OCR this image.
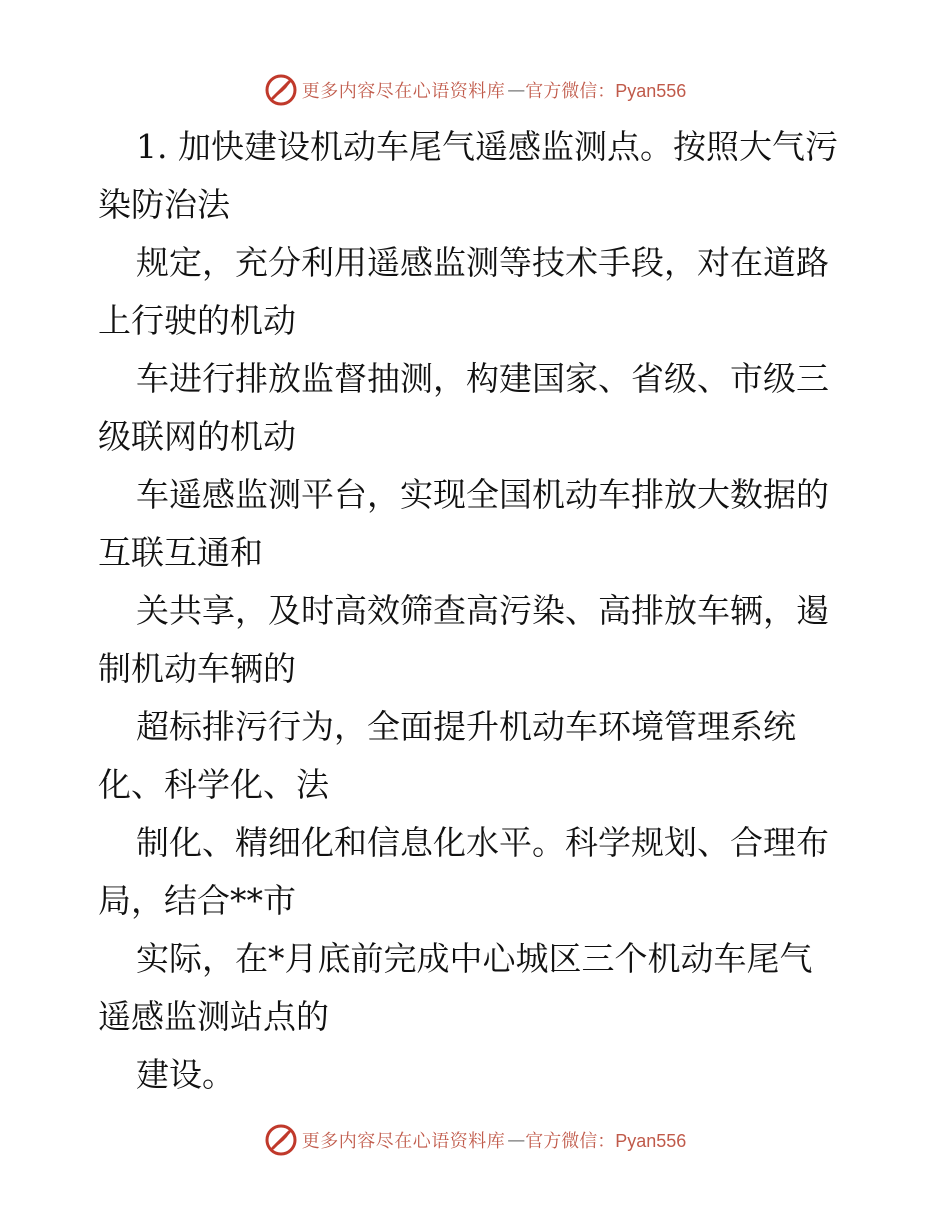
更多内容尽在心语资料库 — 官方微信：Pyan556
1. 加快建设机动车尾气遥感监测点。按照大气污
染防治法
规定，充分利用遥感监测等技术手段，对在道路
上行驶的机动
车进行排放监督抽测，构建国家、省级、市级三
级联网的机动
车遥感监测平台，实现全国机动车排放大数据的
互联互通和
关共享，及时高效筛查高污染、高排放车辆，遏
制机动车辆的
超标排污行为，全面提升机动车环境管理系统
化、科学化、法
制化、精细化和信息化水平。科学规划、合理布
局，结合**市
实际，在*月底前完成中心城区三个机动车尾气
遥感监测站点的
建设。
更多内容尽在心语资料库 — 官方微信：Pyan556
